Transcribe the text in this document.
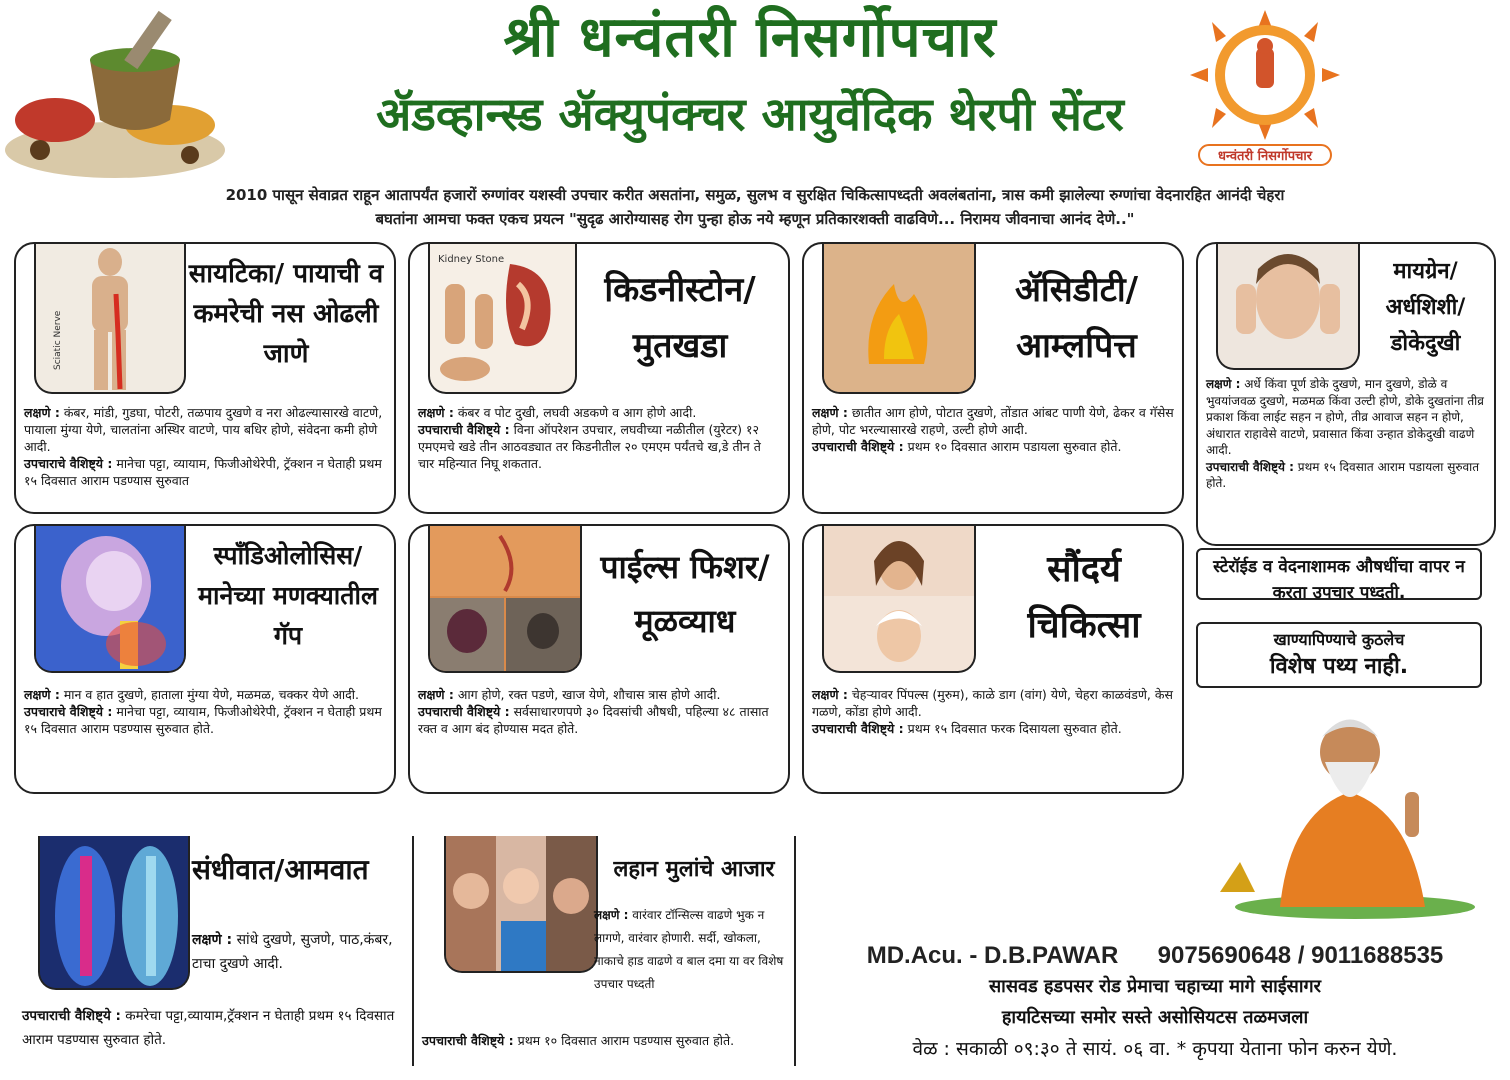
श्री धन्वंतरी निसर्गोपचार
ॲडव्हान्स्ड ॲक्युपंक्चर आयुर्वेदिक थेरपी सेंटर
धन्वंतरी निसर्गोपचार
2010 पासून सेवाव्रत राहून आतापर्यंत हजारों रुग्णांवर यशस्वी उपचार करीत असतांना, समुळ, सुलभ व सुरक्षित चिकित्सापध्दती अवलंबतांना, त्रास कमी झालेल्या रुग्णांचा वेदनारहित आनंदी चेहरा
बघतांना आमचा फक्त एकच प्रयत्न "सुदृढ आरोग्यासह रोग पुन्हा होऊ नये म्हणून प्रतिकारशक्ती वाढविणे... निरामय जीवनाचा आनंद देणे.."
Sciatic Nerve
सायटिका/ पायाची व कमरेची नस ओढली जाणे
लक्षणे : कंबर, मांडी, गुडघा, पोटरी, तळपाय दुखणे व नरा ओढल्यासारखे वाटणे, पायाला मुंग्या येणे, चालतांना अस्थिर वाटणे, पाय बधिर होणे, संवेदना कमी होणे आदी.
उपचाराचे वैशिष्ट्ये : मानेचा पट्टा, व्यायाम, फिजीओथेरेपी, ट्रॅक्शन न घेताही प्रथम १५ दिवसात आराम पडण्यास सुरुवात
Kidney Stone
किडनीस्टोन/ मुतखडा
लक्षणे : कंबर व पोट दुखी, लघवी अडकणे व आग होणे आदी.
उपचाराची वैशिष्ट्ये : विना ऑपरेशन उपचार, लघवीच्या नळीतील (युरेटर) १२ एमएमचे खडे तीन आठवड्यात तर किडनीतील २० एमएम पर्यंतचे ख,डे तीन ते चार महिन्यात निघू शकतात.
ॲसिडीटी/ आम्लपित्त
लक्षणे : छातीत आग होणे, पोटात दुखणे, तोंडात आंबट पाणी येणे, ढेकर व गॅसेस होणे, पोट भरल्यासारखे राहणे, उल्टी होणे आदी.
उपचाराची वैशिष्ट्ये : प्रथम १० दिवसात आराम पडायला सुरुवात होते.
मायग्रेन/ अर्धशिशी/ डोकेदुखी
लक्षणे : अर्धे किंवा पूर्ण डोके दुखणे, मान दुखणे, डोळे व भुवयांजवळ दुखणे, मळमळ किंवा उल्टी होणे, डोके दुखतांना तीव्र प्रकाश किंवा लाईट सहन न होणे, तीव्र आवाज सहन न होणे, अंधारात राहावेसे वाटणे, प्रवासात किंवा उन्हात डोकेदुखी वाढणे आदी.
उपचाराची वैशिष्ट्ये : प्रथम १५ दिवसात आराम पडायला सुरुवात होते.
स्पॉंडिओलोसिस/ मानेच्या मणक्यातील गॅप
लक्षणे : मान व हात दुखणे, हाताला मुंग्या येणे, मळमळ, चक्कर येणे आदी.
उपचाराचे वैशिष्ट्ये : मानेचा पट्टा, व्यायाम, फिजीओथेरेपी, ट्रॅक्शन न घेताही प्रथम १५ दिवसात आराम पडण्यास सुरुवात होते.
पाईल्स फिशर/मूळव्याध
लक्षणे : आग होणे, रक्त पडणे, खाज येणे, शौचास त्रास होणे आदी.
उपचाराची वैशिष्ट्ये : सर्वसाधारणपणे ३० दिवसांची औषधी, पहिल्या ४८ तासात रक्त व आग बंद होण्यास मदत होते.
सौंदर्य चिकित्सा
लक्षणे : चेहऱ्यावर पिंपल्स (मुरुम), काळे डाग (वांग) येणे, चेहरा काळवंडणे, केस गळणे, कोंडा होणे आदी.
उपचाराची वैशिष्ट्ये : प्रथम १५ दिवसात फरक दिसायला सुरुवात होते.
स्टेरॉईड व वेदनाशामक औषधींचा वापर न करता उपचार पध्दती.
खाण्यापिण्याचे कुठलेच
विशेष पथ्य नाही.
संधीवात/आमवात
लक्षणे : सांधे दुखणे, सुजणे, पाठ,कंबर, टाचा दुखणे आदी.
उपचाराची वैशिष्ट्ये : कमरेचा पट्टा,व्यायाम,ट्रॅक्शन न घेताही प्रथम १५ दिवसात आराम पडण्यास सुरुवात होते.
लहान मुलांचे आजार
लक्षणे : वारंवार टॉन्सिल्स वाढणे भुक न लागणे, वारंवार होणारी. सर्दी, खोकला, नाकाचे हाड वाढणे व बाल दमा या वर विशेष उपचार पध्दती
उपचाराची वैशिष्ट्ये : प्रथम १० दिवसात आराम पडण्यास सुरुवात होते.
MD.Acu. - D.B.PAWAR 9075690648 / 9011688535
सासवड हडपसर रोड प्रेमाचा चहाच्या मागे साईसागर
हायटिसच्या समोर सस्ते असोसियटस तळमजला
वेळ : सकाळी ०९:३० ते सायं. ०६ वा. * कृपया येताना फोन करुन येणे.
